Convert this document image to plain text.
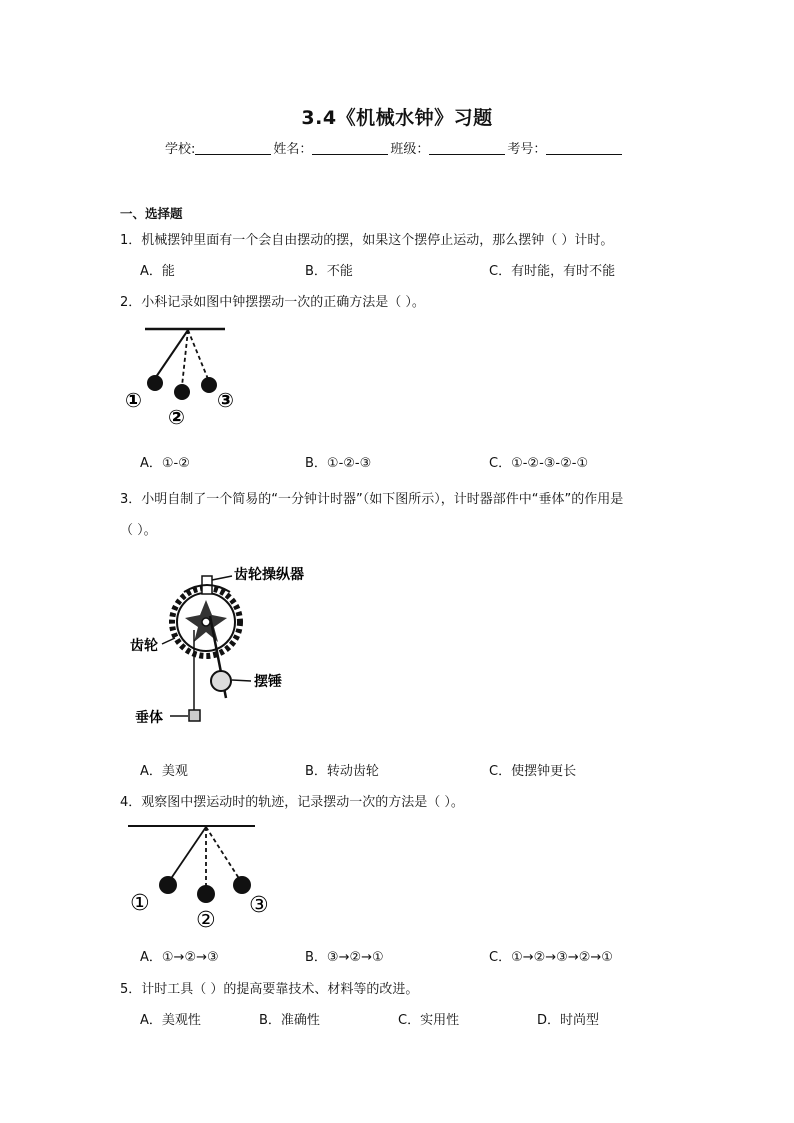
3.4《机械水钟》习题
学校:	姓名：	班级：	考号：
一、选择题
1．机械摆钟里面有一个会自由摆动的摆，如果这个摆停止运动，那么摆钟（ ）计时。
A．能	B．不能	C．有时能，有时不能
2．小科记录如图中钟摆摆动一次的正确方法是（ ）。
①
②
③
A．①-②	B．①-②-③	C．①-②-③-②-①
3．小明自制了一个简易的“一分钟计时器”（如下图所示），计时器部件中“垂体”的作用是
（ ）。
齿轮操纵器
齿轮
摆锤
垂体
A．美观	B．转动齿轮	C．使摆钟更长
4．观察图中摆运动时的轨迹，记录摆动一次的方法是（ ）。
①
②
③
A．①→②→③	B．③→②→①	C．①→②→③→②→①
5．计时工具（ ）的提高要靠技术、材料等的改进。
A．美观性	B．准确性	C．实用性	D．时尚型
